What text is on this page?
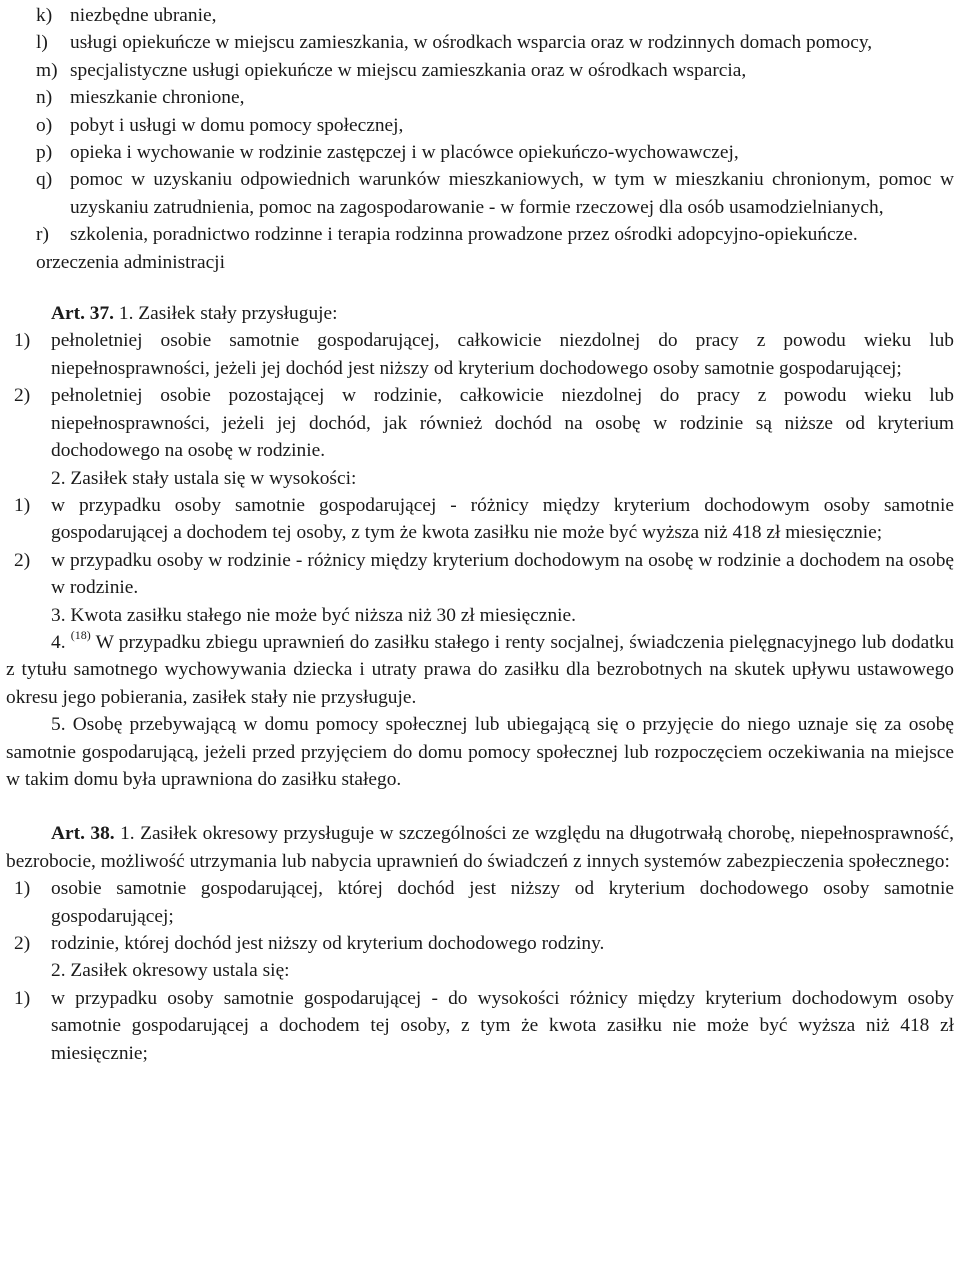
k) niezbędne ubranie,
l) usługi opiekuńcze w miejscu zamieszkania, w ośrodkach wsparcia oraz w rodzinnych domach pomocy,
m) specjalistyczne usługi opiekuńcze w miejscu zamieszkania oraz w ośrodkach wsparcia,
n) mieszkanie chronione,
o) pobyt i usługi w domu pomocy społecznej,
p) opieka i wychowanie w rodzinie zastępczej i w placówce opiekuńczo-wychowawczej,
q) pomoc w uzyskaniu odpowiednich warunków mieszkaniowych, w tym w mieszkaniu chronionym, pomoc w uzyskaniu zatrudnienia, pomoc na zagospodarowanie - w formie rzeczowej dla osób usamodzielnianych,
r) szkolenia, poradnictwo rodzinne i terapia rodzinna prowadzone przez ośrodki adopcyjno-opiekuńcze.
orzeczenia administracji
Art. 37. 1. Zasiłek stały przysługuje:
1) pełnoletniej osobie samotnie gospodarującej, całkowicie niezdolnej do pracy z powodu wieku lub niepełnosprawności, jeżeli jej dochód jest niższy od kryterium dochodowego osoby samotnie gospodarującej;
2) pełnoletniej osobie pozostającej w rodzinie, całkowicie niezdolnej do pracy z powodu wieku lub niepełnosprawności, jeżeli jej dochód, jak również dochód na osobę w rodzinie są niższe od kryterium dochodowego na osobę w rodzinie.
2. Zasiłek stały ustala się w wysokości:
1) w przypadku osoby samotnie gospodarującej - różnicy między kryterium dochodowym osoby samotnie gospodarującej a dochodem tej osoby, z tym że kwota zasiłku nie może być wyższa niż 418 zł miesięcznie;
2) w przypadku osoby w rodzinie - różnicy między kryterium dochodowym na osobę w rodzinie a dochodem na osobę w rodzinie.
3. Kwota zasiłku stałego nie może być niższa niż 30 zł miesięcznie.
4. $^{(18)}$ W przypadku zbiegu uprawnień do zasiłku stałego i renty socjalnej, świadczenia pielęgnacyjnego lub dodatku z tytułu samotnego wychowywania dziecka i utraty prawa do zasiłku dla bezrobotnych na skutek upływu ustawowego okresu jego pobierania, zasiłek stały nie przysługuje.
5. Osobę przebywającą w domu pomocy społecznej lub ubiegającą się o przyjęcie do niego uznaje się za osobę samotnie gospodarującą, jeżeli przed przyjęciem do domu pomocy społecznej lub rozpoczęciem oczekiwania na miejsce w takim domu była uprawniona do zasiłku stałego.
Art. 38. 1. Zasiłek okresowy przysługuje w szczególności ze względu na długotrwałą chorobę, niepełnosprawność, bezrobocie, możliwość utrzymania lub nabycia uprawnień do świadczeń z innych systemów zabezpieczenia społecznego:
1) osobie samotnie gospodarującej, której dochód jest niższy od kryterium dochodowego osoby samotnie gospodarującej;
2) rodzinie, której dochód jest niższy od kryterium dochodowego rodziny.
2. Zasiłek okresowy ustala się:
1) w przypadku osoby samotnie gospodarującej - do wysokości różnicy między kryterium dochodowym osoby samotnie gospodarującej a dochodem tej osoby, z tym że kwota zasiłku nie może być wyższa niż 418 zł miesięcznie;
